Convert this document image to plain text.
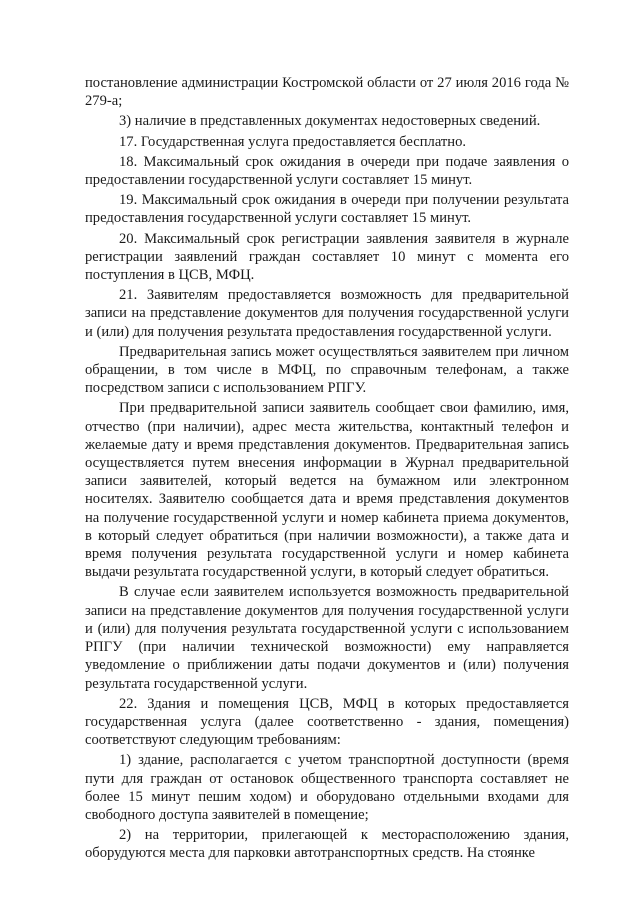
постановление администрации Костромской области от 27 июля 2016 года № 279-а;

3) наличие в представленных документах недостоверных сведений.

17. Государственная услуга предоставляется бесплатно.

18. Максимальный срок ожидания в очереди при подаче заявления о предоставлении государственной услуги составляет 15 минут.

19. Максимальный срок ожидания в очереди при получении результата предоставления государственной услуги составляет 15 минут.

20. Максимальный срок регистрации заявления заявителя в журнале регистрации заявлений граждан составляет 10 минут с момента его поступления в ЦСВ, МФЦ.

21. Заявителям предоставляется возможность для предварительной записи на представление документов для получения государственной услуги и (или) для получения результата предоставления государственной услуги.

Предварительная запись может осуществляться заявителем при личном обращении, в том числе в МФЦ, по справочным телефонам, а также посредством записи с использованием РПГУ.

При предварительной записи заявитель сообщает свои фамилию, имя, отчество (при наличии), адрес места жительства, контактный телефон и желаемые дату и время представления документов. Предварительная запись осуществляется путем внесения информации в Журнал предварительной записи заявителей, который ведется на бумажном или электронном носителях. Заявителю сообщается дата и время представления документов на получение государственной услуги и номер кабинета приема документов, в который следует обратиться (при наличии возможности), а также дата и время получения результата государственной услуги и номер кабинета выдачи результата государственной услуги, в который следует обратиться.

В случае если заявителем используется возможность предварительной записи на представление документов для получения государственной услуги и (или) для получения результата государственной услуги с использованием РПГУ (при наличии технической возможности) ему направляется уведомление о приближении даты подачи документов и (или) получения результата государственной услуги.

22. Здания и помещения ЦСВ, МФЦ в которых предоставляется государственная услуга (далее соответственно - здания, помещения) соответствуют следующим требованиям:

1) здание, располагается с учетом транспортной доступности (время пути для граждан от остановок общественного транспорта составляет не более 15 минут пешим ходом) и оборудовано отдельными входами для свободного доступа заявителей в помещение;

2) на территории, прилегающей к месторасположению здания, оборудуются места для парковки автотранспортных средств. На стоянке
